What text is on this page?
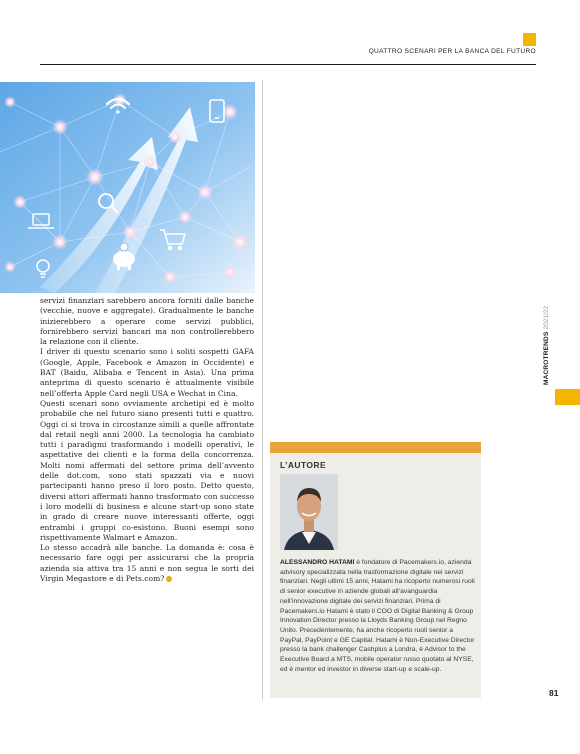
QUATTRO SCENARI PER LA BANCA DEL FUTURO

servizi finanziari sarebbero ancora forniti dalle banche (vecchie, nuove e aggregate). Gradualmente le banche inizierebbero a operare come servizi pubblici, fornirebbero servizi bancari ma non controllerebbero la relazione con il cliente.

I driver di questo scenario sono i soliti sospetti GAFA (Google, Apple, Facebook e Amazon in Occidente) e BAT (Baidu, Alibaba e Tencent in Asia). Una prima anteprima di questo scenario è attualmente visibile nell’offerta Apple Card negli USA e Wechat in Cina.

Questi scenari sono ovviamente archetipi ed è molto probabile che nel futuro siano presenti tutti e quattro. Oggi ci si trova in circostanze simili a quelle affrontate dal retail negli anni 2000. La tecnologia ha cambiato tutti i paradigmi trasformando i modelli operativi, le aspettative dei clienti e la forma della concorrenza. Molti nomi affermati del settore prima dell’avvento delle dot.com, sono stati spazzati via e nuovi partecipanti hanno preso il loro posto. Detto questo, diversi attori affermati hanno trasformato con successo i loro modelli di business e alcune start-up sono state in grado di creare nuove interessanti offerte, oggi entrambi i gruppi co-esistono. Buoni esempi sono rispettivamente Walmart e Amazon.

Lo stesso accadrà alle banche. La domanda è: cosa è necessario fare oggi per assicurarsi che la propria azienda sia attiva tra 15 anni e non segua le sorti dei Virgin Megastore e di Pets.com?

MACROTRENDS2021/22
L’AUTORE

ALESSANDRO HATAMI è fondatore di Pacemakers.io, azienda advisory specializzata nella trasformazione digitale nei servizi finanziari. Negli ultimi 15 anni, Hatami ha ricoperto numerosi ruoli di senior executive in aziende globali all’avanguardia nell’innovazione digitale dei servizi finanziari. Prima di Pacemakers.io Hatami è stato il COO di Digital Banking & Group Innovation Director presso la Lloyds Banking Group nel Regno Unito. Precedentemente, ha anche ricoperto ruoli senior a PayPal, PayPoint e GE Capital. Hatami è Non-Executive Director presso la bank challenger Cashplus a Londra, è Advisor to the Executive Board a MTS, mobile operator russo quotato al NYSE, ed è mentor ed investor in diverse start-up e scale-up.

81
